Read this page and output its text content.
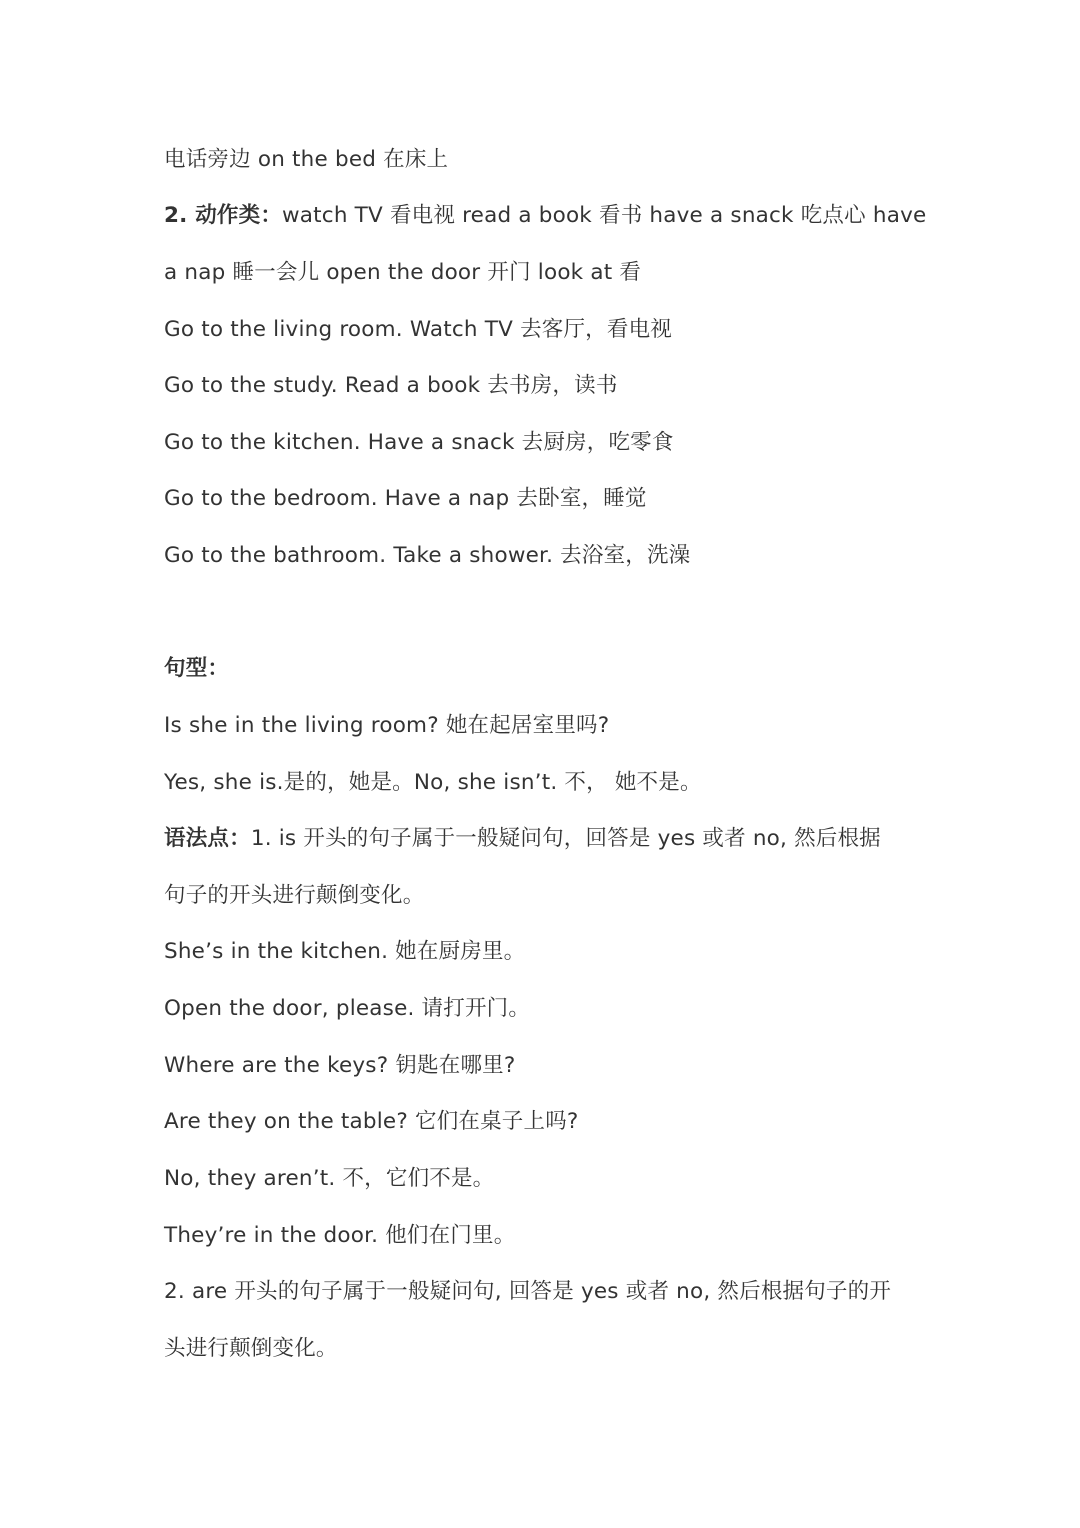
电话旁边 on the bed 在床上
2. 动作类：watch TV 看电视 read a book 看书 have a snack 吃点心 have
a nap 睡一会儿 open the door 开门 look at 看
Go to the living room. Watch TV 去客厅，看电视
Go to the study. Read a book 去书房，读书
Go to the kitchen. Have a snack 去厨房，吃零食
Go to the bedroom. Have a nap 去卧室，睡觉
Go to the bathroom. Take a shower. 去浴室，洗澡
句型：
Is she in the living room? 她在起居室里吗?
Yes, she is.是的，她是。No, she isn’t. 不， 她不是。
语法点：1. is 开头的句子属于一般疑问句，回答是 yes 或者 no, 然后根据
句子的开头进行颠倒变化。
She’s in the kitchen. 她在厨房里。
Open the door, please. 请打开门。
Where are the keys? 钥匙在哪里?
Are they on the table? 它们在桌子上吗?
No, they aren’t. 不，它们不是。
They’re in the door. 他们在门里。
2. are 开头的句子属于一般疑问句, 回答是 yes 或者 no, 然后根据句子的开
头进行颠倒变化。
